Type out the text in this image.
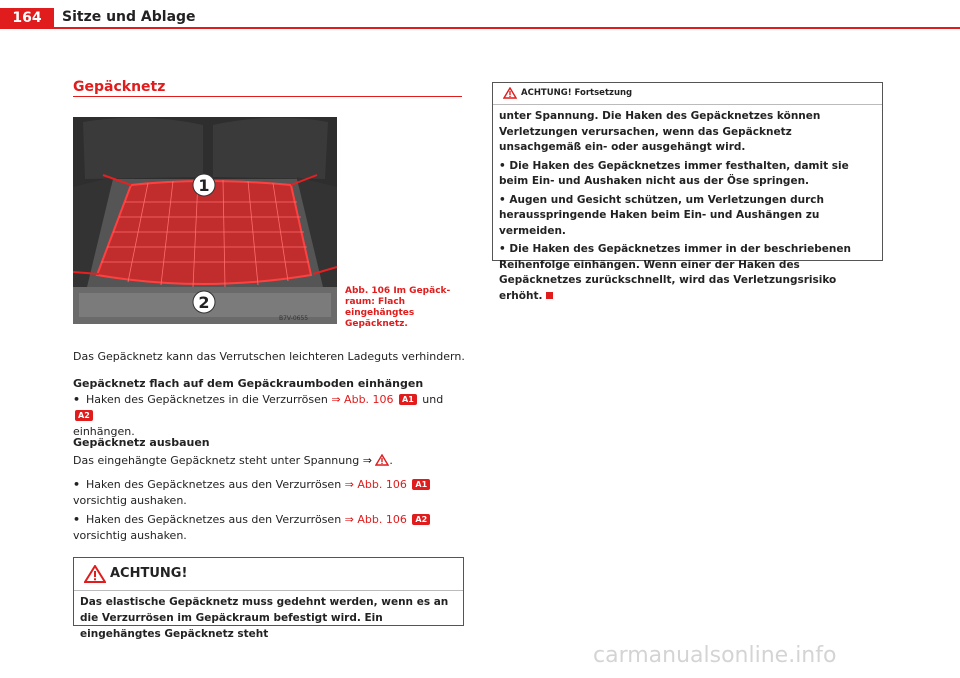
164	Sitze und Ablage
Gepäcknetz
1
2
B7V-0655
Abb. 106 Im Gepäck-
raum: Flach eingehängtes Gepäcknetz.
Das Gepäcknetz kann das Verrutschen leichteren Ladeguts verhindern.
Gepäcknetz flach auf dem Gepäckraumboden einhängen
• Haken des Gepäcknetzes in die Verzurrösen ⇒ Abb. 106 A1 und A2
einhängen.
Gepäcknetz ausbauen
Das eingehängte Gepäcknetz steht unter Spannung ⇒ .
• Haken des Gepäcknetzes aus den Verzurrösen ⇒ Abb. 106 A1 vorsichtig aushaken.
• Haken des Gepäcknetzes aus den Verzurrösen ⇒ Abb. 106 A2 vorsichtig aushaken.
ACHTUNG!
Das elastische Gepäcknetz muss gedehnt werden, wenn es an die Verzurrösen im Gepäckraum befestigt wird. Ein eingehängtes Gepäcknetz steht
ACHTUNG! Fortsetzung
unter Spannung. Die Haken des Gepäcknetzes können Verletzungen verursachen, wenn das Gepäcknetz unsachgemäß ein- oder ausgehängt wird.
• Die Haken des Gepäcknetzes immer festhalten, damit sie beim Ein- und Aushaken nicht aus der Öse springen.
• Augen und Gesicht schützen, um Verletzungen durch herausspringende Haken beim Ein- und Aushängen zu vermeiden.
• Die Haken des Gepäcknetzes immer in der beschriebenen Reihenfolge einhängen. Wenn einer der Haken des Gepäcknetzes zurückschnellt, wird das Verletzungsrisiko erhöht.
carmanualsonline.info
